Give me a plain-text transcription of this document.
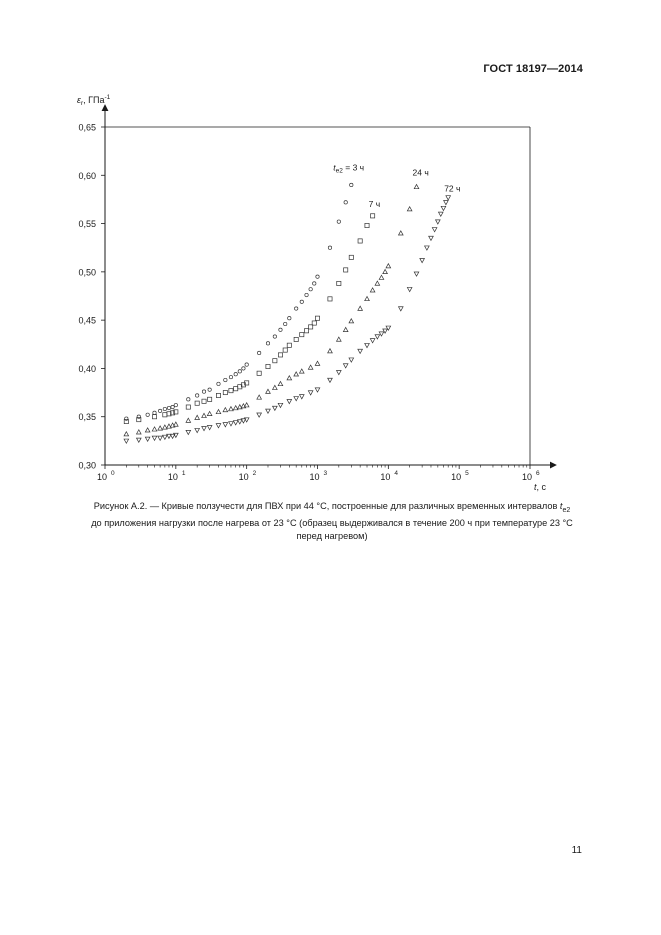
ГОСТ 18197—2014
0,30
0,35
0,40
0,45
0,50
0,55
0,60
0,65
10 0	10 1	10 2	10 3	10 4	10 5	10 6
t, с
$\varepsilon_r$, ГПа$^{-1}$
$t_{e2} = 3$ ч
7 ч
24 ч
72 ч
Рисунок А.2. — Кривые ползучести для ПВХ при 44 °С, построенные для различных временных интервалов $t_{e2}$
до приложения нагрузки после нагрева от 23 °С (образец выдерживался в течение 200 ч при температуре 23 °С
перед нагревом)
11
